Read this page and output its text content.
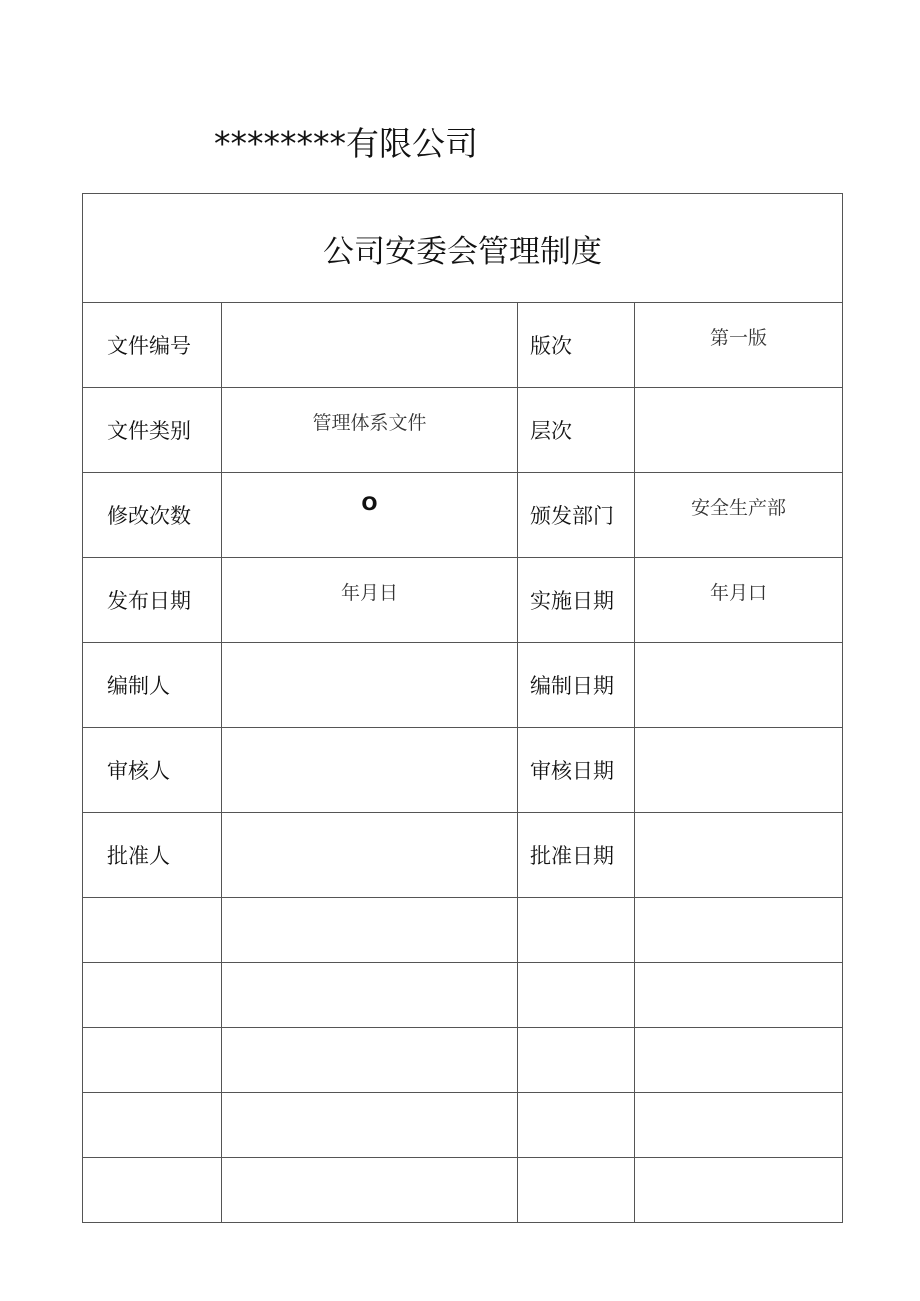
********有限公司
公司安委会管理制度			
文件编号		版次	第一版
文件类别	管理体系文件	层次	
修改次数	O	颁发部门	安全生产部
发布日期	年月日	实施日期	年月口
编制人		编制日期	
审核人		审核日期	
批准人		批准日期	
